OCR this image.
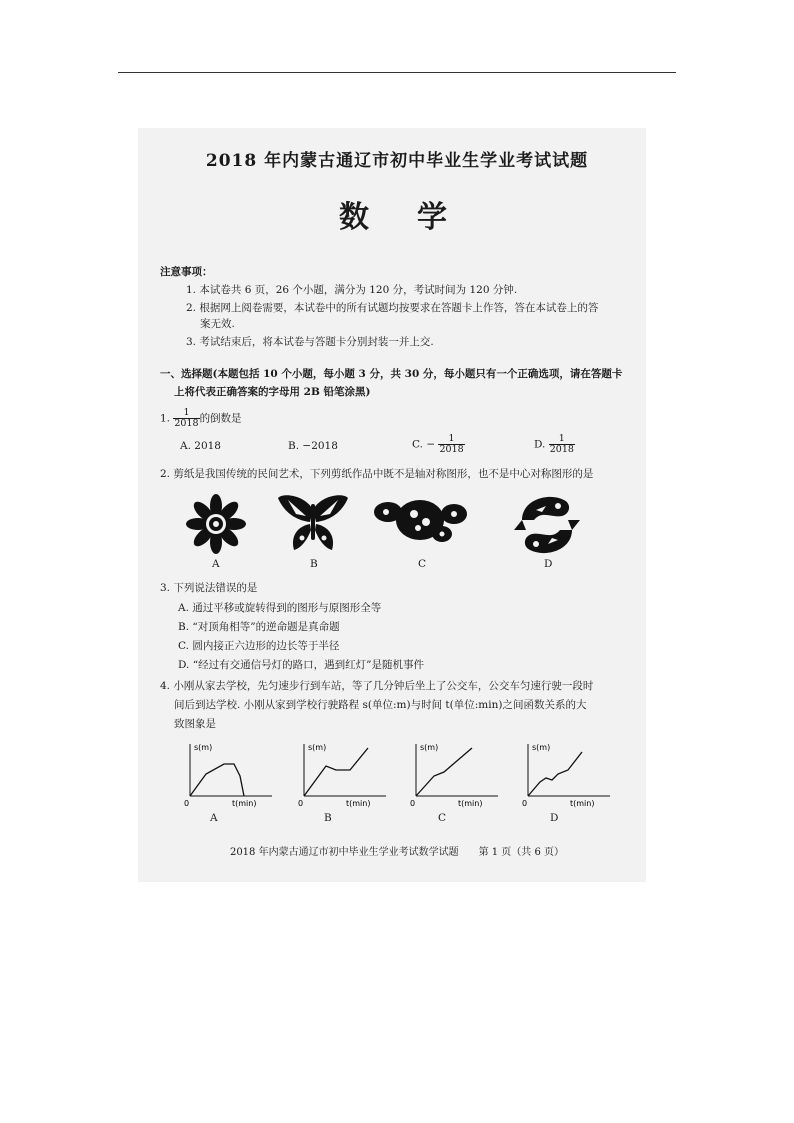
2018 年内蒙古通辽市初中毕业生学业考试试题
数学
注意事项：
1. 本试卷共 6 页，26 个小题，满分为 120 分，考试时间为 120 分钟.
2. 根据网上阅卷需要，本试卷中的所有试题均按要求在答题卡上作答，答在本试卷上的答
案无效.
3. 考试结束后，将本试卷与答题卡分别封装一并上交.
一、选择题(本题包括 10 个小题，每小题 3 分，共 30 分，每小题只有一个正确选项，请在答题卡
上将代表正确答案的字母用 2B 铅笔涂黑)
1. $\frac{1}{2018}$ 的倒数是
A. 2018	B. −2018	C. − $\frac{1}{2018}$	D. $\frac{1}{2018}$
2. 剪纸是我国传统的民间艺术，下列剪纸作品中既不是轴对称图形，也不是中心对称图形的是
A	B	C	D
3. 下列说法错误的是
A. 通过平移或旋转得到的图形与原图形全等
B. “对顶角相等”的逆命题是真命题
C. 圆内接正六边形的边长等于半径
D. “经过有交通信号灯的路口，遇到红灯”是随机事件
4. 小刚从家去学校，先匀速步行到车站，等了几分钟后坐上了公交车，公交车匀速行驶一段时
间后到达学校. 小刚从家到学校行驶路程 s(单位:m)与时间 t(单位:min)之间函数关系的大
致图象是
s(m)
0	t(min)
s(m)
0	t(min)
s(m)
0	t(min)
s(m)
0	t(min)
A	B	C	D
2018 年内蒙古通辽市初中毕业生学业考试数学试题　　第 1 页（共 6 页）
